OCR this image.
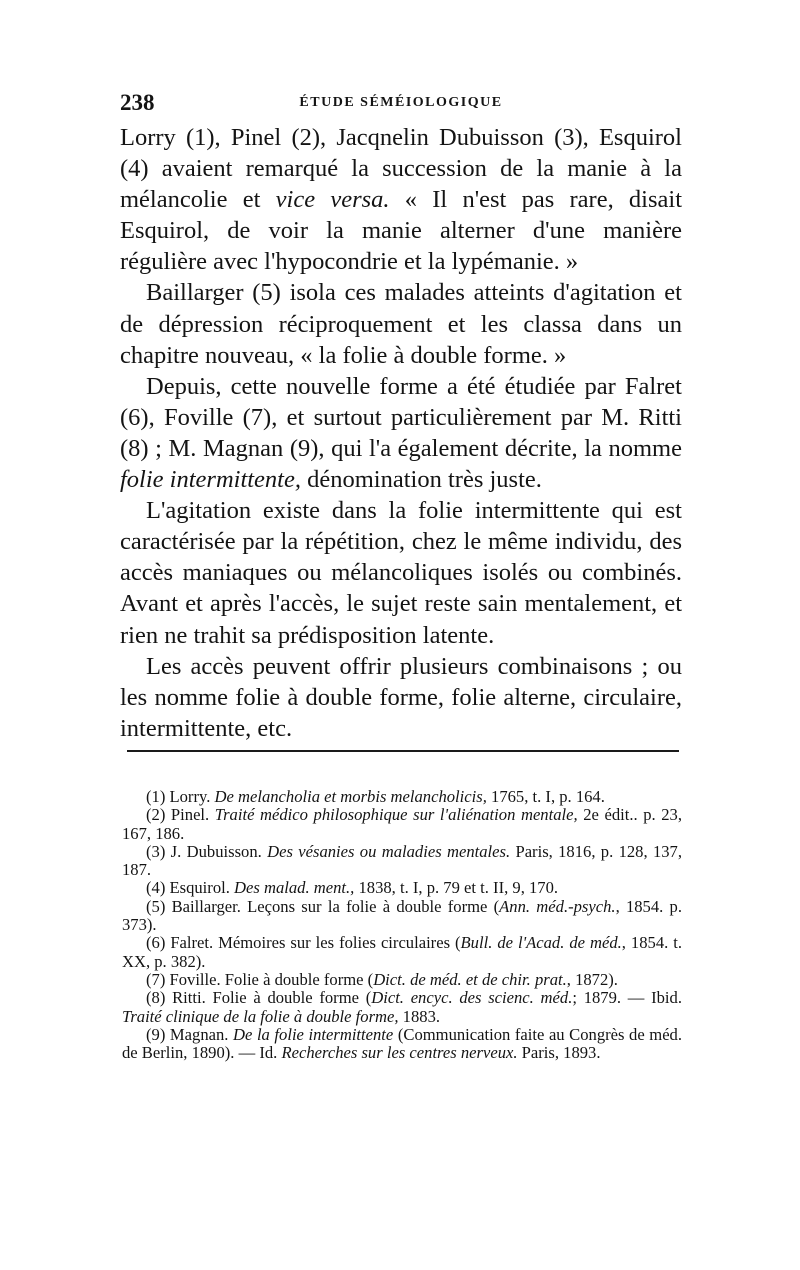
238	ÉTUDE SÉMÉIOLOGIQUE

Lorry (1), Pinel (2), Jacqnelin Dubuisson (3), Esquirol (4) avaient remarqué la succession de la manie à la mélancolie et vice versa. « Il n'est pas rare, disait Esquirol, de voir la manie alterner d'une manière régulière avec l'hypocondrie et la lypémanie. »

Baillarger (5) isola ces malades atteints d'agitation et de dépression réciproquement et les classa dans un chapitre nouveau, « la folie à double forme. »

Depuis, cette nouvelle forme a été étudiée par Falret (6), Foville (7), et surtout particulièrement par M. Ritti (8) ; M. Magnan (9), qui l'a également décrite, la nomme folie intermittente, dénomination très juste.

L'agitation existe dans la folie intermittente qui est caractérisée par la répétition, chez le même individu, des accès maniaques ou mélancoliques isolés ou combinés. Avant et après l'accès, le sujet reste sain mentalement, et rien ne trahit sa prédisposition latente.

Les accès peuvent offrir plusieurs combinaisons ; ou les nomme folie à double forme, folie alterne, circulaire, intermittente, etc.

(1) Lorry. De melancholia et morbis melancholicis, 1765, t. I, p. 164.

(2) Pinel. Traité médico philosophique sur l'aliénation mentale, 2e édit.. p. 23, 167, 186.

(3) J. Dubuisson. Des vésanies ou maladies mentales. Paris, 1816, p. 128, 137, 187.

(4) Esquirol. Des malad. ment., 1838, t. I, p. 79 et t. II, 9, 170.

(5) Baillarger. Leçons sur la folie à double forme (Ann. méd.-psych., 1854. p. 373).

(6) Falret. Mémoires sur les folies circulaires (Bull. de l'Acad. de méd., 1854. t. XX, p. 382).

(7) Foville. Folie à double forme (Dict. de méd. et de chir. prat., 1872).

(8) Ritti. Folie à double forme (Dict. encyc. des scienc. méd.; 1879. — Ibid. Traité clinique de la folie à double forme, 1883.

(9) Magnan. De la folie intermittente (Communication faite au Congrès de méd. de Berlin, 1890). — Id. Recherches sur les centres nerveux. Paris, 1893.
